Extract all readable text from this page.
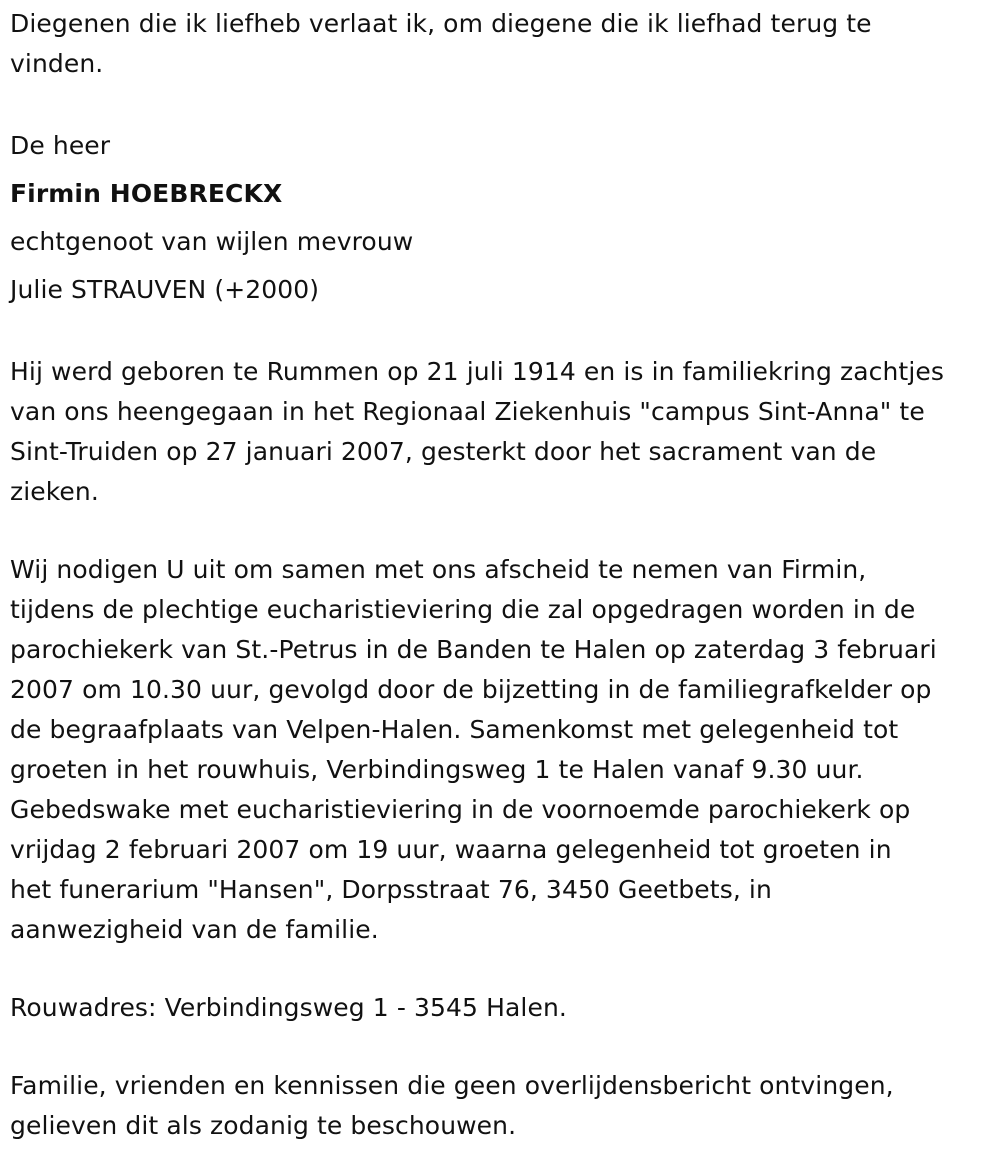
Diegenen die ik liefheb verlaat ik, om diegene die ik liefhad terug te

vinden.

De heer

Firmin HOEBRECKX

echtgenoot van wijlen mevrouw

Julie STRAUVEN (+2000)

Hij werd geboren te Rummen op 21 juli 1914 en is in familiekring zachtjes

van ons heengegaan in het Regionaal Ziekenhuis "campus Sint-Anna" te

Sint-Truiden op 27 januari 2007, gesterkt door het sacrament van de

zieken.

Wij nodigen U uit om samen met ons afscheid te nemen van Firmin,

tijdens de plechtige eucharistieviering die zal opgedragen worden in de

parochiekerk van St.-Petrus in de Banden te Halen op zaterdag 3 februari

2007 om 10.30 uur, gevolgd door de bijzetting in de familiegrafkelder op

de begraafplaats van Velpen-Halen. Samenkomst met gelegenheid tot

groeten in het rouwhuis, Verbindingsweg 1 te Halen vanaf 9.30 uur.

Gebedswake met eucharistieviering in de voornoemde parochiekerk op

vrijdag 2 februari 2007 om 19 uur, waarna gelegenheid tot groeten in

het funerarium "Hansen", Dorpsstraat 76, 3450 Geetbets, in

aanwezigheid van de familie.

Rouwadres: Verbindingsweg 1 - 3545 Halen.

Familie, vrienden en kennissen die geen overlijdensbericht ontvingen,

gelieven dit als zodanig te beschouwen.
